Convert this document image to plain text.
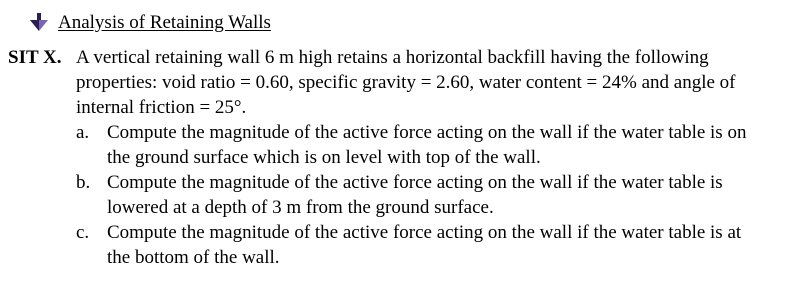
Analysis of Retaining Walls
SIT X. A vertical retaining wall 6 m high retains a horizontal backfill having the following properties: void ratio = 0.60, specific gravity = 2.60, water content = 24% and angle of internal friction = 25°.
a. Compute the magnitude of the active force acting on the wall if the water table is on the ground surface which is on level with top of the wall.
b. Compute the magnitude of the active force acting on the wall if the water table is lowered at a depth of 3 m from the ground surface.
c. Compute the magnitude of the active force acting on the wall if the water table is at the bottom of the wall.
